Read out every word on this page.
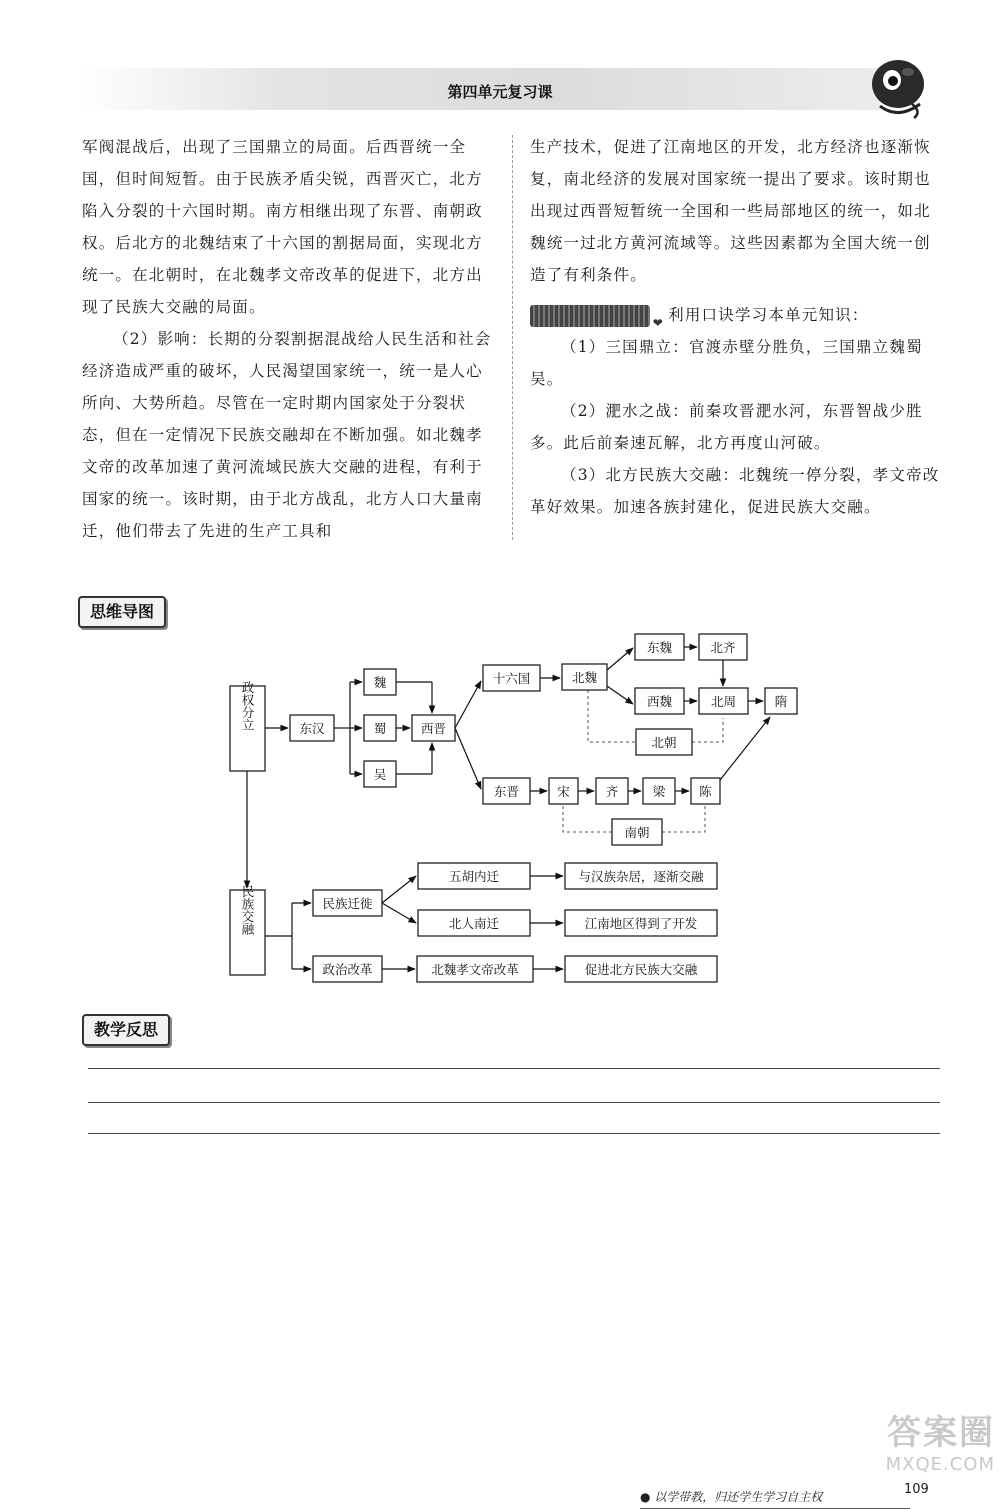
第四单元复习课

军阀混战后，出现了三国鼎立的局面。后西晋统一全国，但时间短暂。由于民族矛盾尖锐，西晋灭亡，北方陷入分裂的十六国时期。南方相继出现了东晋、南朝政权。后北方的北魏结束了十六国的割据局面，实现北方统一。在北朝时，在北魏孝文帝改革的促进下，北方出现了民族大交融的局面。

（2）影响：长期的分裂割据混战给人民生活和社会经济造成严重的破坏，人民渴望国家统一，统一是人心所向、大势所趋。尽管在一定时期内国家处于分裂状态，但在一定情况下民族交融却在不断加强。如北魏孝文帝的改革加速了黄河流域民族大交融的进程，有利于国家的统一。该时期，由于北方战乱，北方人口大量南迁，他们带去了先进的生产工具和

生产技术，促进了江南地区的开发，北方经济也逐渐恢复，南北经济的发展对国家统一提出了要求。该时期也出现过西晋短暂统一全国和一些局部地区的统一，如北魏统一过北方黄河流域等。这些因素都为全国大统一创造了有利条件。

❤ 利用口诀学习本单元知识：

（1）三国鼎立：官渡赤壁分胜负，三国鼎立魏蜀吴。

（2）淝水之战：前秦攻晋淝水河，东晋智战少胜多。此后前秦速瓦解，北方再度山河破。

（3）北方民族大交融：北魏统一停分裂，孝文帝改革好效果。加速各族封建化，促进民族大交融。

思维导图
政权分立	东汉
魏
蜀
吴
西晋
十六国	北魏
东魏	北齐
西魏	北周	隋
北朝
东晋	宋	齐	梁	陈
南朝
民族交融	民族迁徙
政治改革
五胡内迁
北人南迁
北魏孝文帝改革
与汉族杂居，逐渐交融
江南地区得到了开发
促进北方民族大交融
教学反思
答案圈
MXQE.COM
● 以学带教，归还学生学习自主权	109
